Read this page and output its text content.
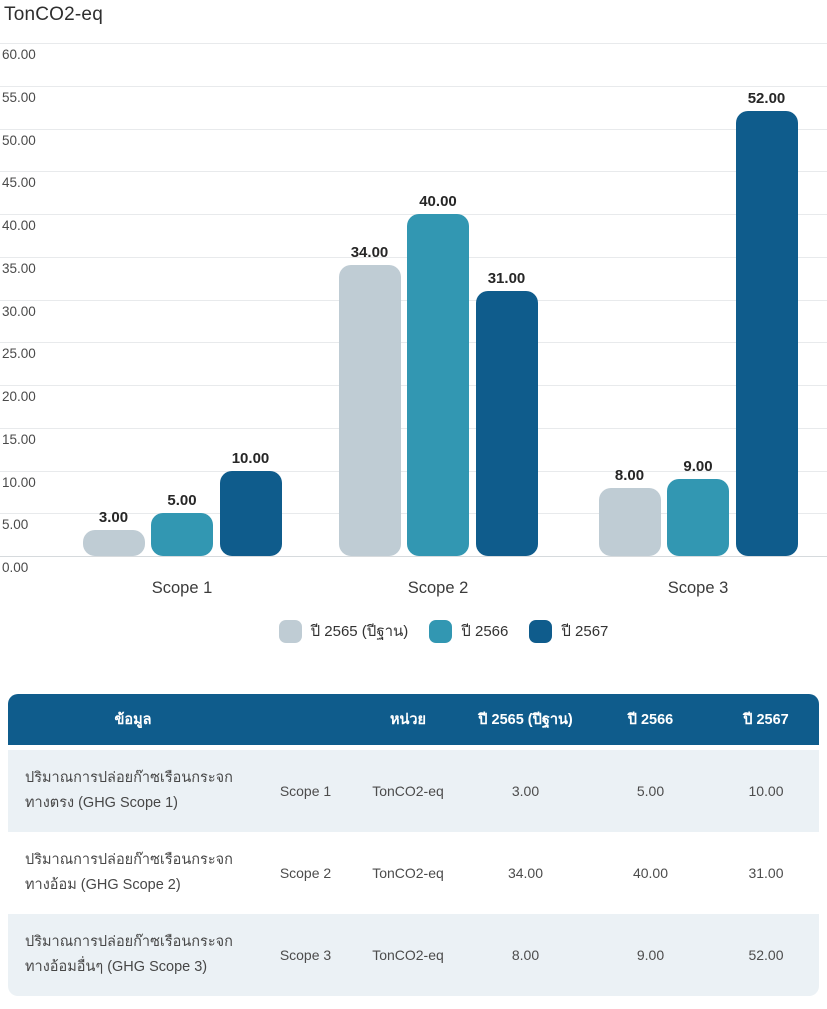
TonCO2-eq
0.00
5.00
10.00
15.00
20.00
25.00
30.00
35.00
40.00
45.00
50.00
55.00
60.00
3.00
34.00
8.00
5.00
40.00
9.00
10.00
31.00
52.00
Scope 1	Scope 2	Scope 3
ปี 2565 (ปีฐาน)	ปี 2566	ปี 2567
ข้อมูล		หน่วย	ปี 2565 (ปีฐาน)	ปี 2566	ปี 2567
ปริมาณการปล่อยก๊าซเรือนกระจก ทางตรง (GHG Scope 1)	Scope 1	TonCO2-eq	3.00	5.00	10.00
ปริมาณการปล่อยก๊าซเรือนกระจก ทางอ้อม (GHG Scope 2)	Scope 2	TonCO2-eq	34.00	40.00	31.00
ปริมาณการปล่อยก๊าซเรือนกระจก ทางอ้อมอื่นๆ (GHG Scope 3)	Scope 3	TonCO2-eq	8.00	9.00	52.00
